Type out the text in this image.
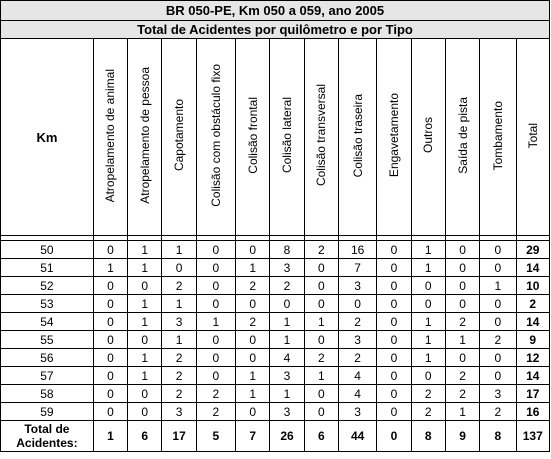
BR 050-PE, Km 050 a 059, ano 2005													
Total de Acidentes por quilômetro e por Tipo													
Km	Atropelamento de animal	Atropelamento de pessoa	Capotamento	Colisão com obstáculo fixo	Colisão frontal	Colisão lateral	Colisão transversal	Colisão traseira	Engavetamento	Outros	Saída de pista	Tombamento	Total

50	0	1	1	0	0	8	2	16	0	1	0	0	29
51	1	1	0	0	1	3	0	7	0	1	0	0	14
52	0	0	2	0	2	2	0	3	0	0	0	1	10
53	0	1	1	0	0	0	0	0	0	0	0	0	2
54	0	1	3	1	2	1	1	2	0	1	2	0	14
55	0	0	1	0	0	1	0	3	0	1	1	2	9
56	0	1	2	0	0	4	2	2	0	1	0	0	12
57	0	1	2	0	1	3	1	4	0	0	2	0	14
58	0	0	2	2	1	1	0	4	0	2	2	3	17
59	0	0	3	2	0	3	0	3	0	2	1	2	16
Total de
Acidentes:	1	6	17	5	7	26	6	44	0	8	9	8	137
